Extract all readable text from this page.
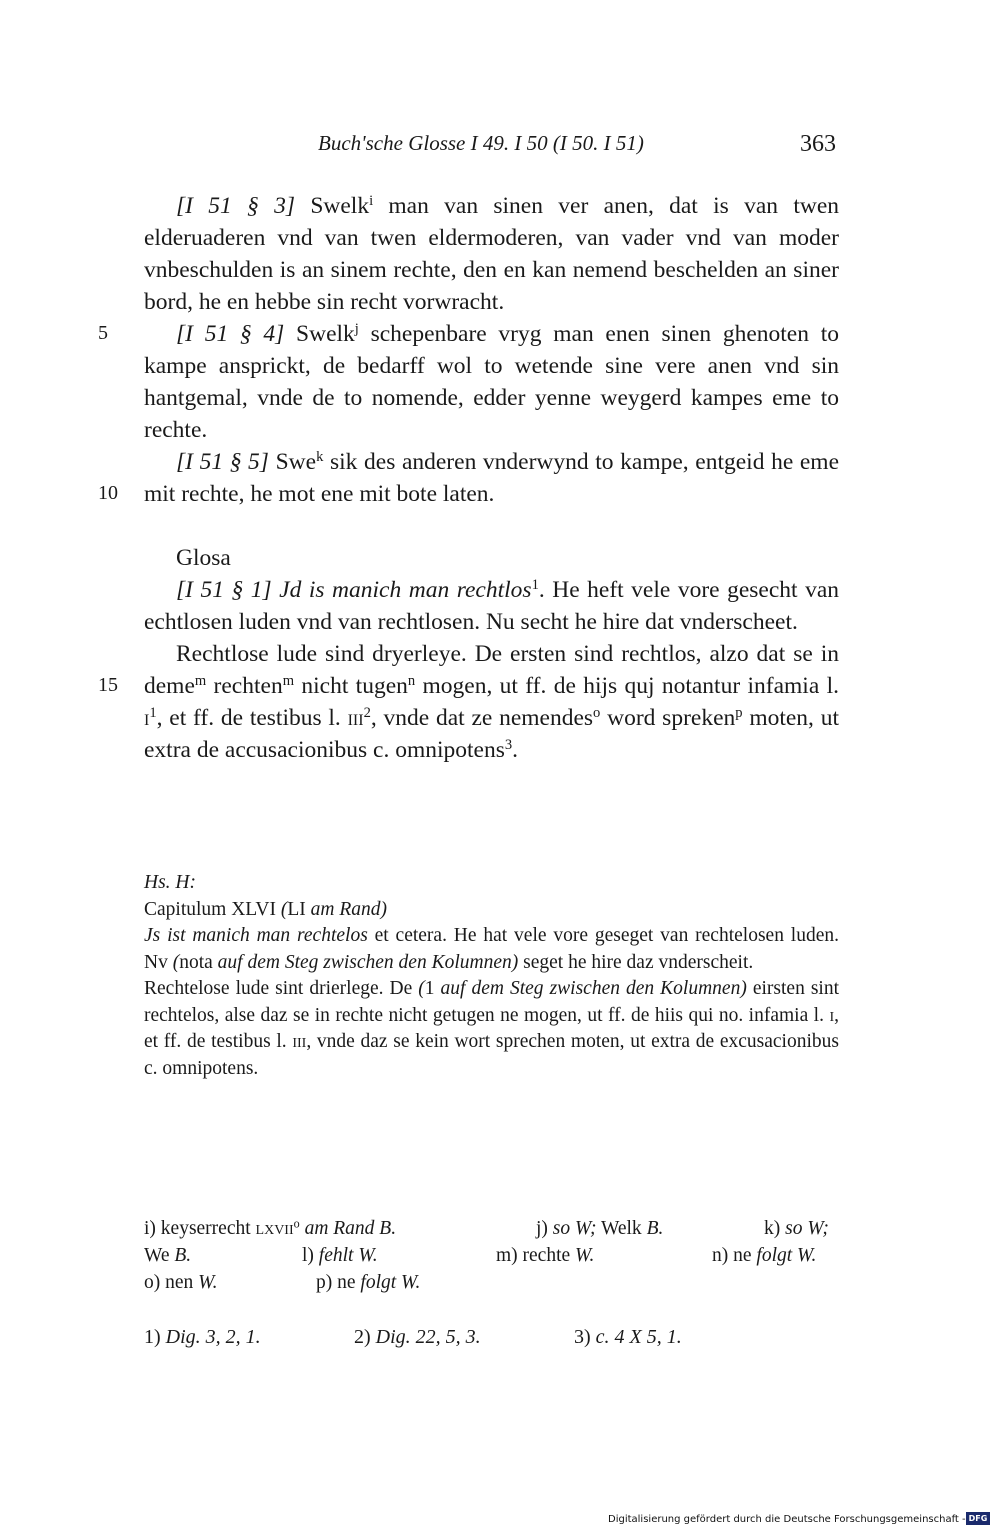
Buch'sche Glosse I 49. I 50 (I 50. I 51)	363
5
10
15

[I 51 § 3] Swelk$^i$ man van sinen ver anen, dat is van twen elderuaderen vnd van twen eldermoderen, van vader vnd van moder vnbeschulden is an sinem rechte, den en kan nemend beschelden an siner bord, he en hebbe sin recht vorwracht.

[I 51 § 4] Swelk$^j$ schepenbare vryg man enen sinen ghenoten to kampe ansprickt, de bedarff wol to wetende sine vere anen vnd sin hantgemal, vnde de to nomende, edder yenne weygerd kampes eme to rechte.

[I 51 § 5] Swe$^k$ sik des anderen vnderwynd to kampe, entgeid he eme mit rechte, he mot ene mit bote laten.

Glosa

[I 51 § 1] Jd is manich man rechtlos$^1$. He heft vele vore gesecht van echtlosen luden vnd van rechtlosen. Nu secht he hire dat vnderscheet.

Rechtlose lude sind dryerleye. De ersten sind rechtlos, alzo dat se in deme$^m$ rechten$^m$ nicht tugen$^n$ mogen, ut ff. de hijs quj notantur infamia l. $i^1$, et ff. de testibus l. iii$^2$, vnde dat ze nemendes$^o$ word spreken$^p$ moten, ut extra de accusacionibus c. omnipotens$^3$.

Hs. H:

Capitulum XLVI (LI am Rand)

Js ist manich man rechtelos et cetera. He hat vele vore geseget van rechtelosen luden. Nv (nota auf dem Steg zwischen den Kolumnen) seget he hire daz vnderscheit.

Rechtelose lude sint drierlege. De (1 auf dem Steg zwischen den Kolumnen) eirsten sint rechtelos, alse daz se in rechte nicht getugen ne mogen, ut ff. de hiis qui no. infamia l. i, et ff. de testibus l. iii, vnde daz se kein wort sprechen moten, ut extra de excusacionibus c. omnipotens.

i) keyserrecht lxvii$^o$ am Rand B.	j) so W; Welk B.	k) so W;
We B.	l) fehlt W.	m) rechte W.	n) ne folgt W.
o) nen W.	p) ne folgt W.
1) Dig. 3, 2, 1.	2) Dig. 22, 5, 3.	3) c. 4 X 5, 1.
Digitalisierung gefördert durch die Deutsche Forschungsgemeinschaft - DFG
